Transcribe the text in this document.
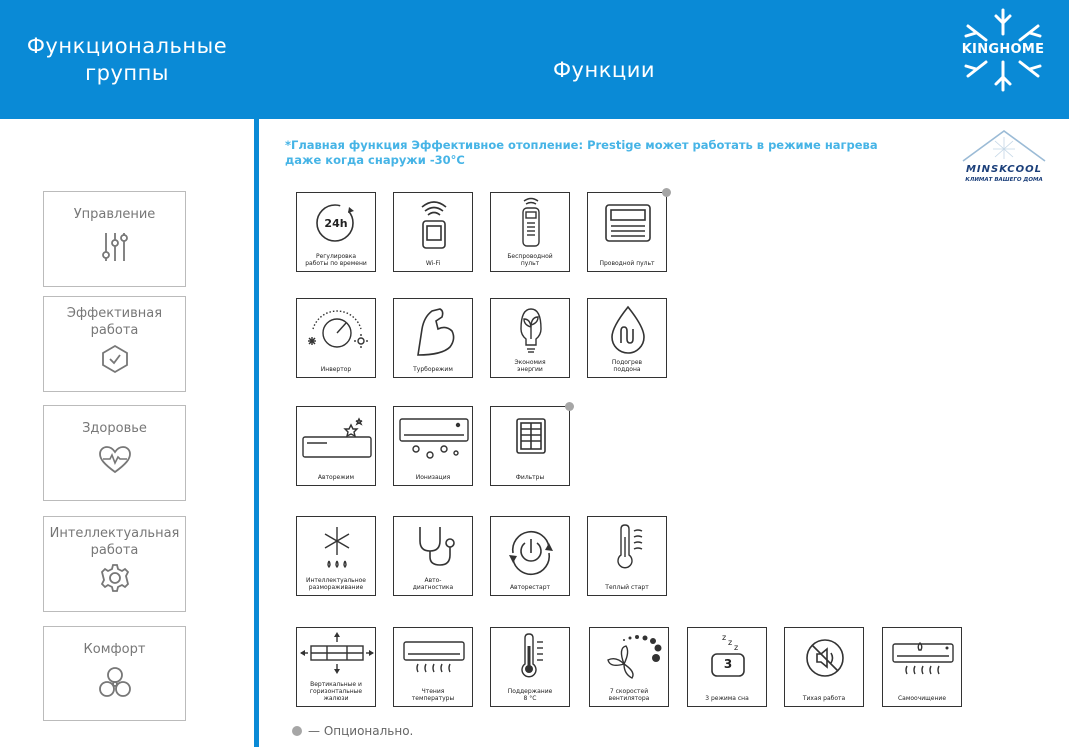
Функциональные
группы	Функции
KINGHOME
Управление
Эффективная
работа
Здоровье
Интеллектуальная
работа
Комфорт
*Главная функция Эффективное отопление: Prestige может работать в режиме нагрева
даже когда снаружи -30°С
MINSKCOOL
КЛИМАТ ВАШЕГО ДОМА
24h
Регулировка
работы по времени	Wi-Fi
Беспроводной
пульт	Проводной пульт
Инвертор	Турборежим
Экономия
энергии
Подогрев
поддона
Авторежим	Ионизация	Фильтры
Интеллектуальное
размораживание
Авто-
диагностика	Авторестарт	Теплый старт
Вертикальные и
горизонтальные
жалюзи
Чтения
температуры
Поддержание
8 °С
7 скоростей
вентилятора
3
z
z
z
3 режима сна	Тихая работа	Самоочищение
— Опционально.
